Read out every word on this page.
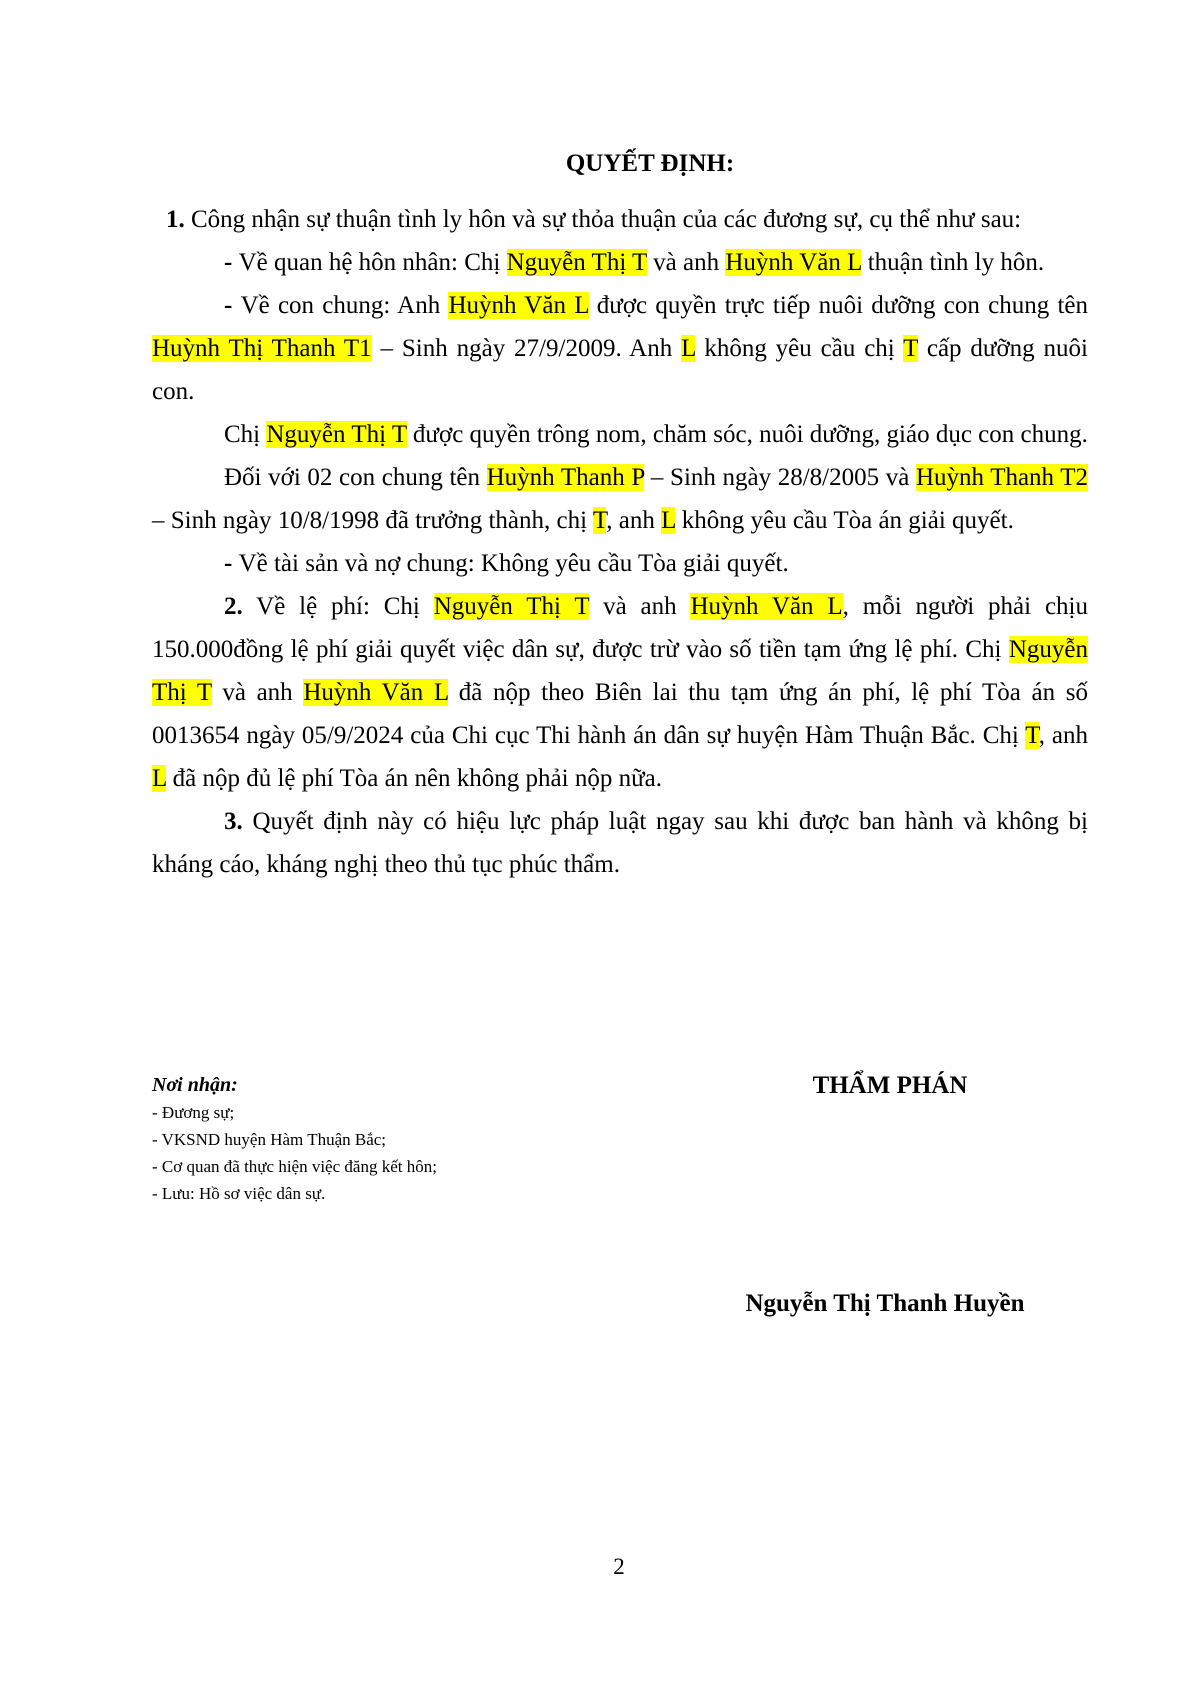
QUYẾT ĐỊNH:

1. Công nhận sự thuận tình ly hôn và sự thỏa thuận của các đương sự, cụ thể như sau:

- Về quan hệ hôn nhân: Chị Nguyễn Thị T và anh Huỳnh Văn L thuận tình ly hôn.

- Về con chung: Anh Huỳnh Văn L được quyền trực tiếp nuôi dưỡng con chung tên Huỳnh Thị Thanh T1 – Sinh ngày 27/9/2009. Anh L không yêu cầu chị T cấp dưỡng nuôi con.

Chị Nguyễn Thị T được quyền trông nom, chăm sóc, nuôi dưỡng, giáo dục con chung.

Đối với 02 con chung tên Huỳnh Thanh P – Sinh ngày 28/8/2005 và Huỳnh Thanh T2 – Sinh ngày 10/8/1998 đã trưởng thành, chị T, anh L không yêu cầu Tòa án giải quyết.

- Về tài sản và nợ chung: Không yêu cầu Tòa giải quyết.

2. Về lệ phí: Chị Nguyễn Thị T và anh Huỳnh Văn L, mỗi người phải chịu 150.000đồng lệ phí giải quyết việc dân sự, được trừ vào số tiền tạm ứng lệ phí. Chị Nguyễn Thị T và anh Huỳnh Văn L đã nộp theo Biên lai thu tạm ứng án phí, lệ phí Tòa án số 0013654 ngày 05/9/2024 của Chi cục Thi hành án dân sự huyện Hàm Thuận Bắc. Chị T, anh L đã nộp đủ lệ phí Tòa án nên không phải nộp nữa.

3. Quyết định này có hiệu lực pháp luật ngay sau khi được ban hành và không bị kháng cáo, kháng nghị theo thủ tục phúc thẩm.

Nơi nhận:
- Đương sự;
- VKSND huyện Hàm Thuận Bắc;
- Cơ quan đã thực hiện việc đăng kết hôn;
- Lưu: Hồ sơ việc dân sự.
THẨM PHÁN
Nguyễn Thị Thanh Huyền
2
